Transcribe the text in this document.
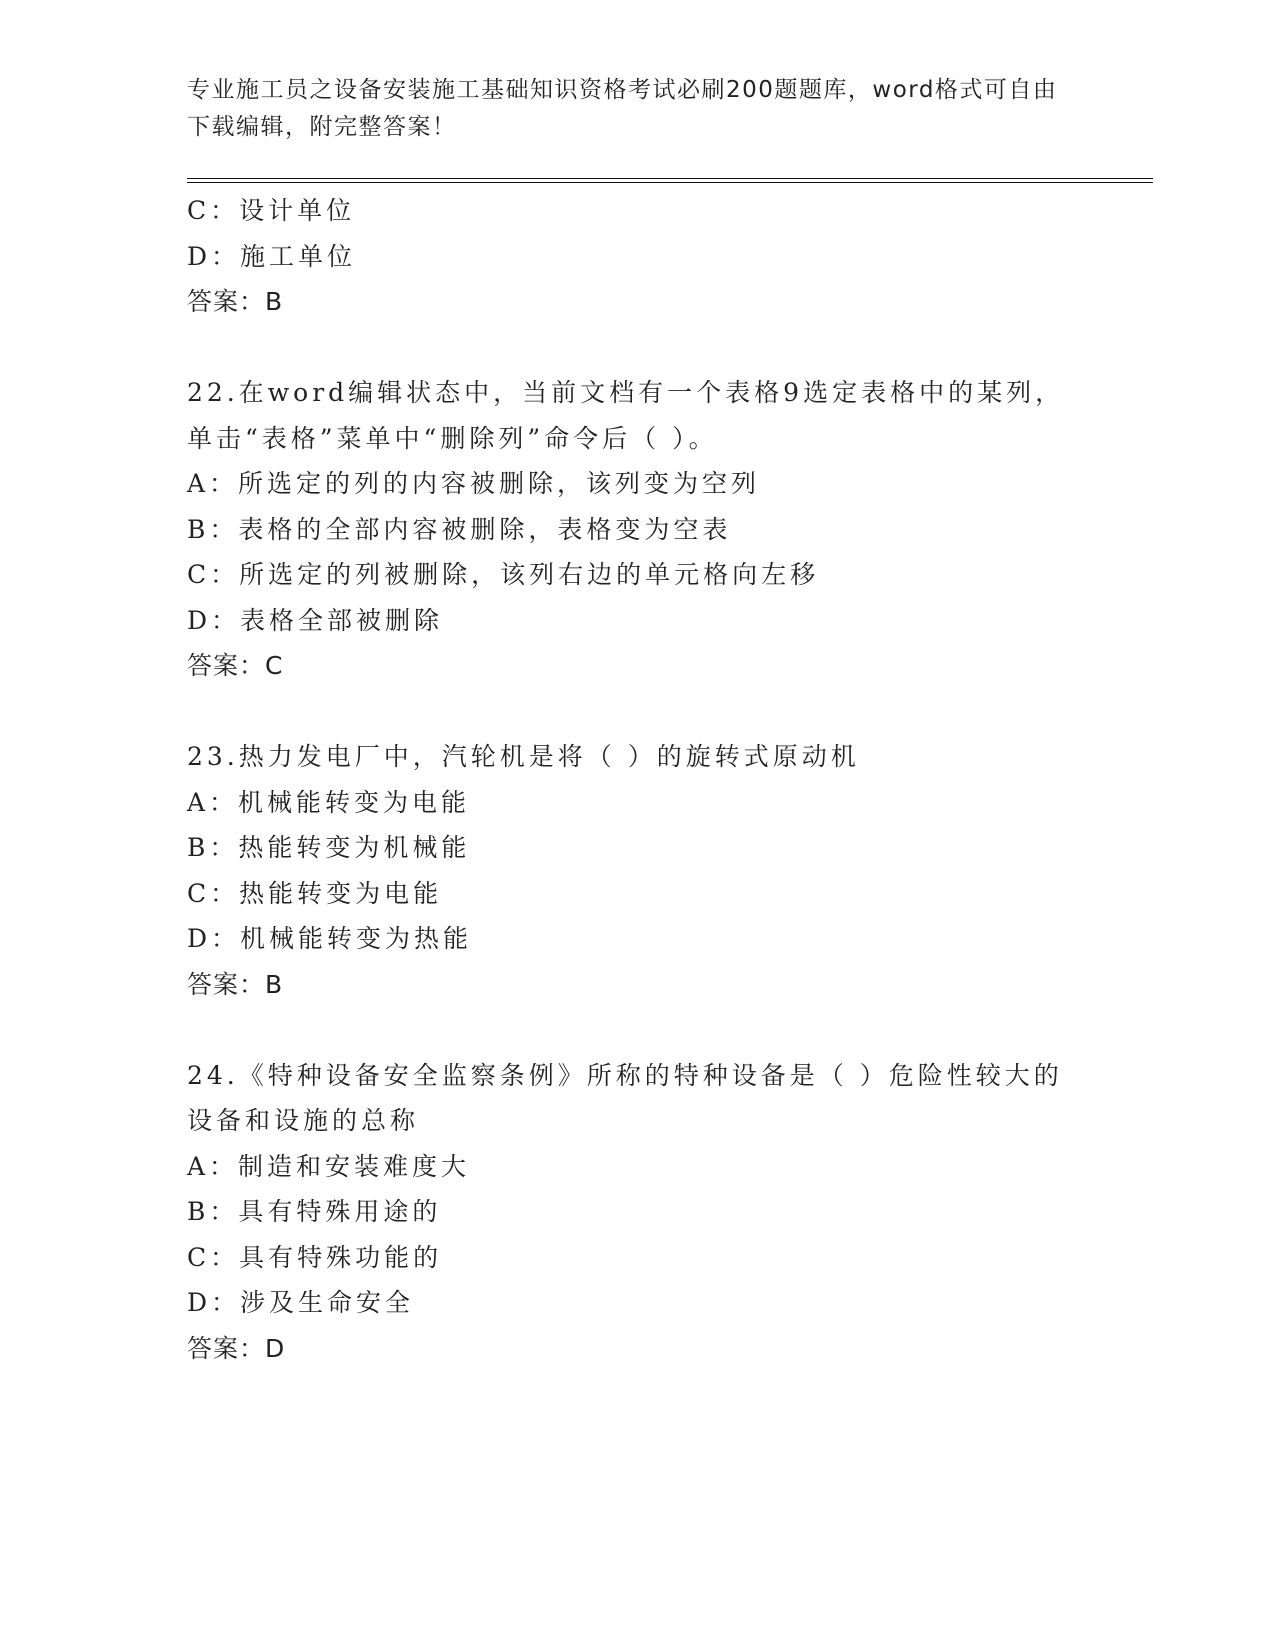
专业施工员之设备安装施工基础知识资格考试必刷200题题库，word格式可自由
下载编辑，附完整答案！
C：设计单位
D：施工单位
答案：B
22.在word编辑状态中，当前文档有一个表格9选定表格中的某列，
单击“表格”菜单中“删除列”命令后（ ）。
A：所选定的列的内容被删除，该列变为空列
B：表格的全部内容被删除，表格变为空表
C：所选定的列被删除，该列右边的单元格向左移
D：表格全部被删除
答案：C
23.热力发电厂中，汽轮机是将（ ）的旋转式原动机
A：机械能转变为电能
B：热能转变为机械能
C：热能转变为电能
D：机械能转变为热能
答案：B
24.《特种设备安全监察条例》所称的特种设备是（ ）危险性较大的
设备和设施的总称
A：制造和安装难度大
B：具有特殊用途的
C：具有特殊功能的
D：涉及生命安全
答案：D
